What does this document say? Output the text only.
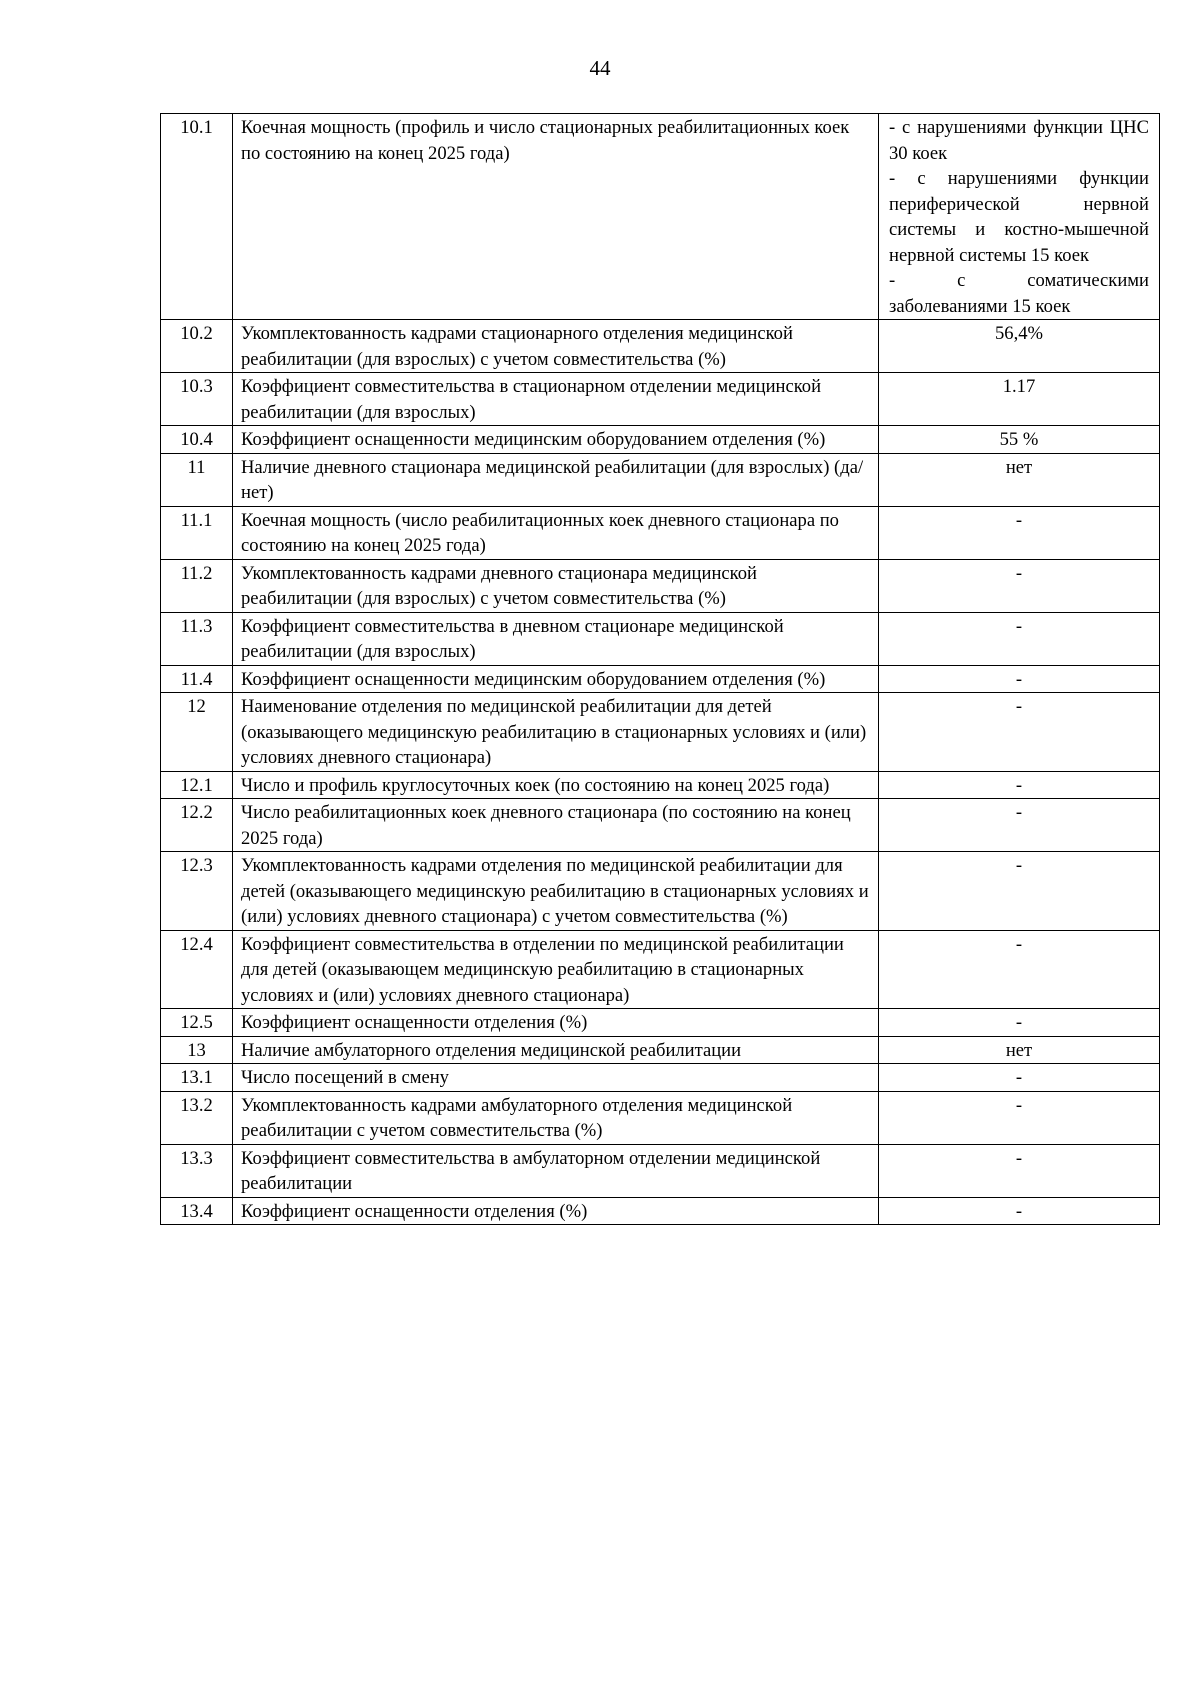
44
10.1	Коечная мощность (профиль и число стационарных реабилитационных коек по состоянию на конец 2025 года)	- с нарушениями функции ЦНС 30 коек
- с нарушениями функции периферической нервной системы и костно-мышечной нервной системы 15 коек
- с соматическими заболеваниями 15 коек

10.2	Укомплектованность кадрами стационарного отделения медицинской реабилитации (для взрослых) с учетом совместительства (%)	56,4%
10.3	Коэффициент совместительства в стационарном отделении медицинской реабилитации (для взрослых)	1.17
10.4	Коэффициент оснащенности медицинским оборудованием отделения (%)	55 %
11	Наличие дневного стационара медицинской реабилитации (для взрослых) (да/нет)	нет
11.1	Коечная мощность (число реабилитационных коек дневного стационара по состоянию на конец 2025 года)	-
11.2	Укомплектованность кадрами дневного стационара медицинской реабилитации (для взрослых) с учетом совместительства (%)	-
11.3	Коэффициент совместительства в дневном стационаре медицинской реабилитации (для взрослых)	-
11.4	Коэффициент оснащенности медицинским оборудованием отделения (%)	-
12	Наименование отделения по медицинской реабилитации для детей (оказывающего медицинскую реабилитацию в стационарных условиях и (или) условиях дневного стационара)	-
12.1	Число и профиль круглосуточных коек (по состоянию на конец 2025 года)	-
12.2	Число реабилитационных коек дневного стационара (по состоянию на конец 2025 года)	-
12.3	Укомплектованность кадрами отделения по медицинской реабилитации для детей (оказывающего медицинскую реабилитацию в стационарных условиях и (или) условиях дневного стационара) с учетом совместительства (%)	-
12.4	Коэффициент совместительства в отделении по медицинской реабилитации для детей (оказывающем медицинскую реабилитацию в стационарных условиях и (или) условиях дневного стационара)	-
12.5	Коэффициент оснащенности отделения (%)	-
13	Наличие амбулаторного отделения медицинской реабилитации	нет
13.1	Число посещений в смену	-
13.2	Укомплектованность кадрами амбулаторного отделения медицинской реабилитации с учетом совместительства (%)	-
13.3	Коэффициент совместительства в амбулаторном отделении медицинской реабилитации	-
13.4	Коэффициент оснащенности отделения (%)	-
